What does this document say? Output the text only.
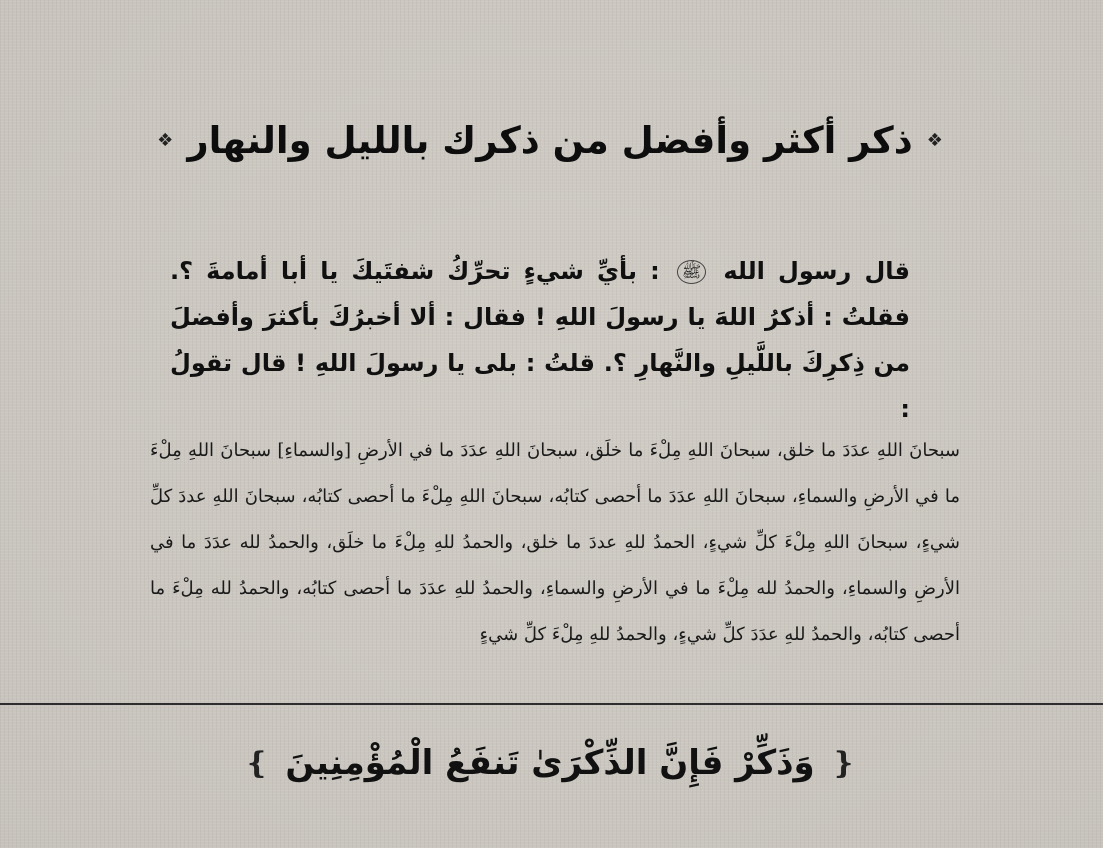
❖
ذكر أكثر وأفضل من ذكرك بالليل والنهار
❖
قال رسول الله ﷺ : بأيِّ شيءٍ تحرِّكُ شفتَيكَ يا أبا أمامةَ ؟. فقلتُ : أذكرُ اللهَ يا رسولَ اللهِ ! فقال : ألا أخبرُكَ بأكثرَ وأفضلَ من ذِكرِكَ باللَّيلِ والنَّهارِ ؟. قلتُ : بلى يا رسولَ اللهِ ! قال تقولُ :
سبحانَ اللهِ عدَدَ ما خلق، سبحانَ اللهِ مِلْءَ ما خلَق، سبحانَ اللهِ عدَدَ ما في الأرضِ [والسماءِ] سبحانَ اللهِ مِلْءَ ما في الأرضِ والسماءِ، سبحانَ اللهِ عدَدَ ما أحصى كتابُه، سبحانَ اللهِ مِلْءَ ما أحصى كتابُه، سبحانَ اللهِ عددَ كلِّ شيءٍ، سبحانَ اللهِ مِلْءَ كلِّ شيءٍ، الحمدُ للهِ عددَ ما خلق، والحمدُ للهِ مِلْءَ ما خلَق، والحمدُ لله عدَدَ ما في الأرضِ والسماءِ، والحمدُ لله مِلْءَ ما في الأرضِ والسماءِ، والحمدُ للهِ عدَدَ ما أحصى كتابُه، والحمدُ لله مِلْءَ ما أحصى كتابُه، والحمدُ للهِ عدَدَ كلِّ شيءٍ، والحمدُ للهِ مِلْءَ كلِّ شيءٍ
❴
وَذَكِّرْ فَإِنَّ الذِّكْرَىٰ تَنفَعُ الْمُؤْمِنِينَ
❵
